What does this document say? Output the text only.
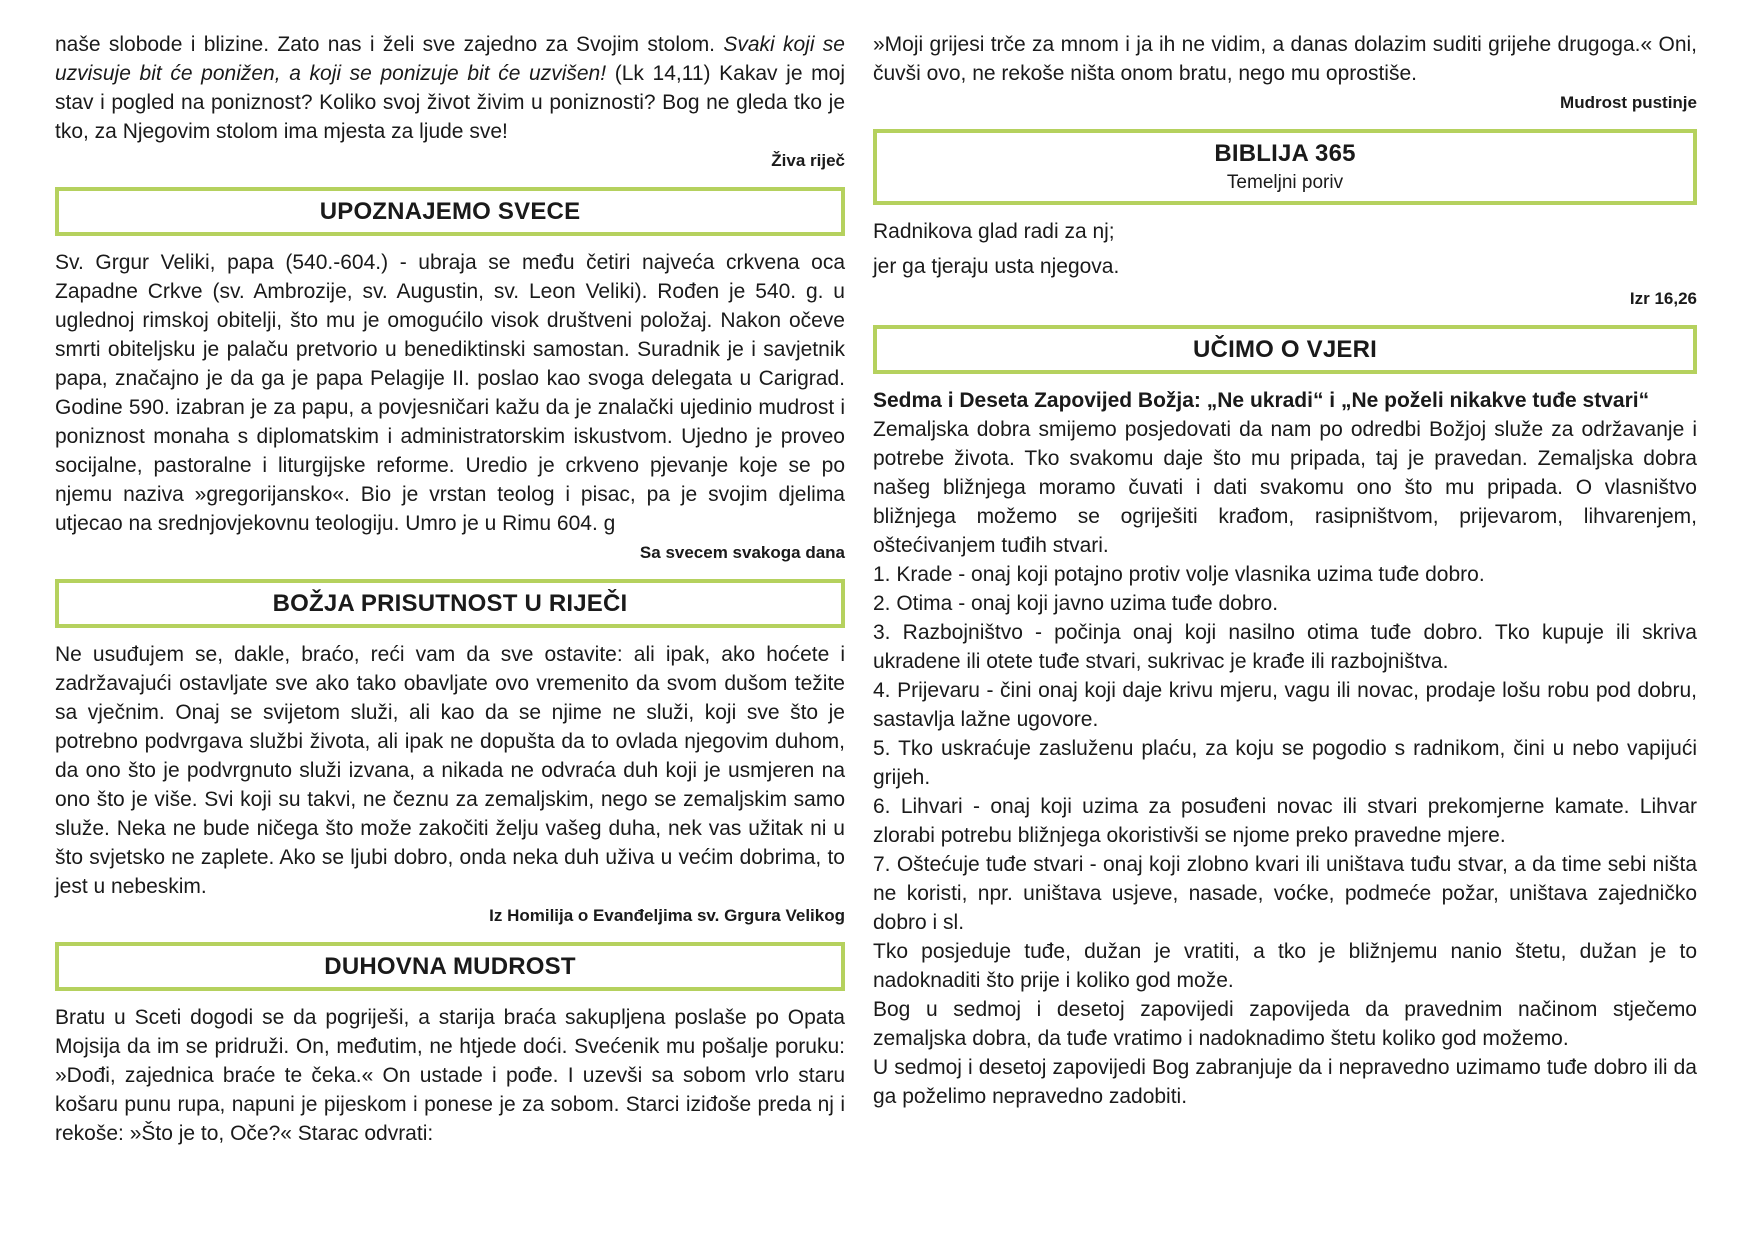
naše slobode i blizine. Zato nas i želi sve zajedno za Svojim stolom. Svaki koji se uzvisuje bit će ponižen, a koji se ponizuje bit će uzvišen! (Lk 14,11) Kakav je moj stav i pogled na poniznost? Koliko svoj život živim u poniznosti? Bog ne gleda tko je tko, za Njegovim stolom ima mjesta za ljude sve!

Živa riječ

UPOZNAJEMO SVECE

Sv. Grgur Veliki, papa (540.-604.) - ubraja se među četiri najveća crkvena oca Zapadne Crkve (sv. Ambrozije, sv. Augustin, sv. Leon Veliki). Rođen je 540. g. u uglednoj rimskoj obitelji, što mu je omogućilo visok društveni položaj. Nakon očeve smrti obiteljsku je palaču pretvorio u benediktinski samostan. Suradnik je i savjetnik papa, značajno je da ga je papa Pelagije II. poslao kao svoga delegata u Carigrad. Godine 590. izabran je za papu, a povjesničari kažu da je znalački ujedinio mudrost i poniznost monaha s diplomatskim i administratorskim iskustvom. Ujedno je proveo socijalne, pastoralne i liturgijske reforme. Uredio je crkveno pjevanje koje se po njemu naziva »gregorijansko«. Bio je vrstan teolog i pisac, pa je svojim djelima utjecao na srednjovjekovnu teologiju. Umro je u Rimu 604. g

Sa svecem svakoga dana

BOŽJA PRISUTNOST U RIJEČI

Ne usuđujem se, dakle, braćo, reći vam da sve ostavite: ali ipak, ako hoćete i zadržavajući ostavljate sve ako tako obavljate ovo vremenito da svom dušom težite sa vječnim. Onaj se svijetom služi, ali kao da se njime ne služi, koji sve što je potrebno podvrgava službi života, ali ipak ne dopušta da to ovlada njegovim duhom, da ono što je podvrgnuto služi izvana, a nikada ne odvraća duh koji je usmjeren na ono što je više. Svi koji su takvi, ne čeznu za zemaljskim, nego se zemaljskim samo služe. Neka ne bude ničega što može zakočiti želju vašeg duha, nek vas užitak ni u što svjetsko ne zaplete. Ako se ljubi dobro, onda neka duh uživa u većim dobrima, to jest u nebeskim.

Iz Homilija o Evanđeljima sv. Grgura Velikog

DUHOVNA MUDROST

Bratu u Sceti dogodi se da pogriješi, a starija braća sakupljena poslaše po Opata Mojsija da im se pridruži. On, međutim, ne htjede doći. Svećenik mu pošalje poruku: »Dođi, zajednica braće te čeka.« On ustade i pođe. I uzevši sa sobom vrlo staru košaru punu rupa, napuni je pijeskom i ponese je za sobom. Starci iziđoše preda nj i rekoše: »Što je to, Oče?« Starac odvrati:

»Moji grijesi trče za mnom i ja ih ne vidim, a danas dolazim suditi grijehe drugoga.« Oni, čuvši ovo, ne rekoše ništa onom bratu, nego mu oprostiše.

Mudrost pustinje

BIBLIJA 365
Temeljni poriv

Radnikova glad radi za nj;

jer ga tjeraju usta njegova.

Izr 16,26

UČIMO O VJERI

Sedma i Deseta Zapovijed Božja: „Ne ukradi“ i „Ne poželi nikakve tuđe stvari“

Zemaljska dobra smijemo posjedovati da nam po odredbi Božjoj služe za održavanje i potrebe života. Tko svakomu daje što mu pripada, taj je pravedan. Zemaljska dobra našeg bližnjega moramo čuvati i dati svakomu ono što mu pripada. O vlasništvo bližnjega možemo se ogriješiti krađom, rasipništvom, prijevarom, lihvarenjem, oštećivanjem tuđih stvari.

1. Krade - onaj koji potajno protiv volje vlasnika uzima tuđe dobro.

2. Otima - onaj koji javno uzima tuđe dobro.

3. Razbojništvo - počinja onaj koji nasilno otima tuđe dobro. Tko kupuje ili skriva ukradene ili otete tuđe stvari, sukrivac je krađe ili razbojništva.

4. Prijevaru - čini onaj koji daje krivu mjeru, vagu ili novac, prodaje lošu robu pod dobru, sastavlja lažne ugovore.

5. Tko uskraćuje zasluženu plaću, za koju se pogodio s radnikom, čini u nebo vapijući grijeh.

6. Lihvari - onaj koji uzima za posuđeni novac ili stvari prekomjerne kamate. Lihvar zlorabi potrebu bližnjega okoristivši se njome preko pravedne mjere.

7. Oštećuje tuđe stvari - onaj koji zlobno kvari ili uništava tuđu stvar, a da time sebi ništa ne koristi, npr. uništava usjeve, nasade, voćke, podmeće požar, uništava zajedničko dobro i sl.

Tko posjeduje tuđe, dužan je vratiti, a tko je bližnjemu nanio štetu, dužan je to nadoknaditi što prije i koliko god može.

Bog u sedmoj i desetoj zapovijedi zapovijeda da pravednim načinom stječemo zemaljska dobra, da tuđe vratimo i nadoknadimo štetu koliko god možemo.

U sedmoj i desetoj zapovijedi Bog zabranjuje da i nepravedno uzimamo tuđe dobro ili da ga poželimo nepravedno zadobiti.
